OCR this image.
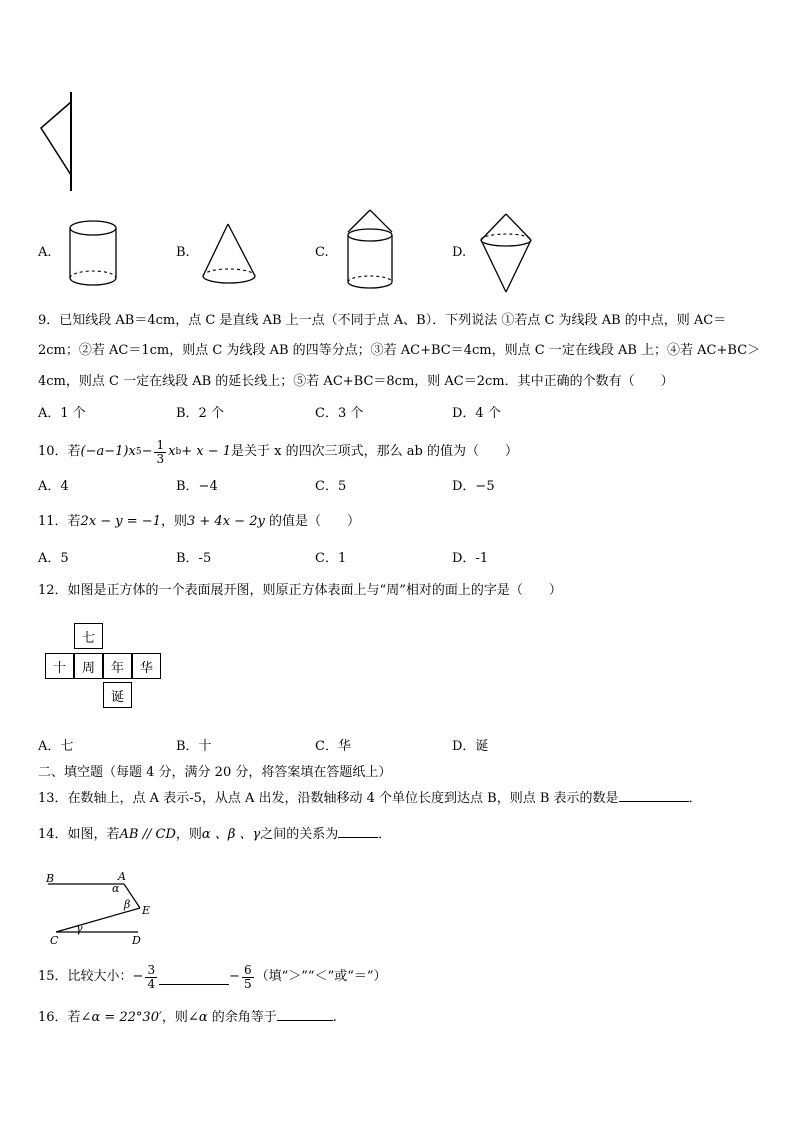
A.	B.	C.	D.
9．已知线段 AB＝4cm，点 C 是直线 AB 上一点（不同于点 A、B）．下列说法 ①若点 C 为线段 AB 的中点，则 AC＝
2cm；②若 AC＝1cm，则点 C 为线段 AB 的四等分点；③若 AC+BC＝4cm，则点 C 一定在线段 AB 上；④若 AC+BC＞
4cm，则点 C 一定在线段 AB 的延长线上；⑤若 AC+BC＝8cm，则 AC＝2cm．其中正确的个数有（　　）
A．1 个	B．2 个	C．3 个	D．4 个
10．若 (−a−1)x $5 - \frac{1}{3}$ x b + x − 1 是关于 x 的四次三项式，那么 ab 的值为（　　）
A．4	B．−4	C．5	D．−5
11．若2x − y = −1，则3 + 4x − 2y 的值是（　　）
A．5	B．-5	C．1	D．-1
12．如图是正方体的一个表面展开图，则原正方体表面上与“周”相对的面上的字是（　　）
七
十	周	年	华
诞
A．七	B．十	C．华	D．诞
二、填空题（每题 4 分，满分 20 分，将答案填在答题纸上）
13．在数轴上，点 A 表示-5，从点 A 出发，沿数轴移动 4 个单位长度到达点 B，则点 B 表示的数是	．
14．如图，若AB // CD，则α 、β 、γ之间的关系为	．
B	A
α
β E
C
γ
D
15．比较大小： − $\frac{3}{4}$	− $\frac{6}{5}$ （填“＞”“＜”或“＝”）
16．若∠α = 22°30′，则∠α 的余角等于	.
